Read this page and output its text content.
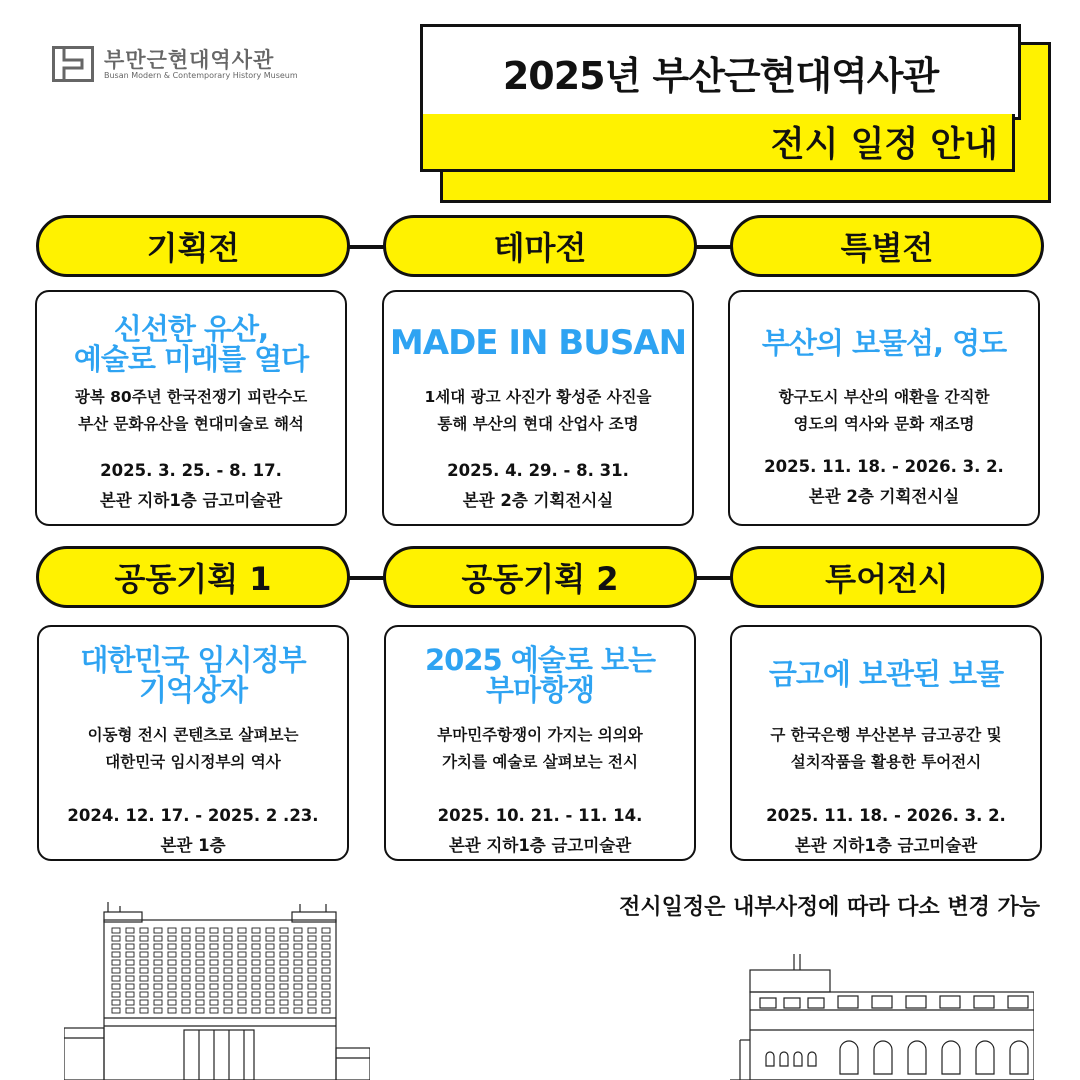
부만근현대역사관
Busan Modern & Contemporary History Museum	2025년 부산근현대역사관
전시 일정 안내
기획전	테마전	특별전
신선한 유산,
예술로 미래를 열다
광복 80주년 한국전쟁기 피란수도
부산 문화유산을 현대미술로 해석
2025. 3. 25. - 8. 17.
본관 지하1층 금고미술관
MADE IN BUSAN
1세대 광고 사진가 황성준 사진을
통해 부산의 현대 산업사 조명
2025. 4. 29. - 8. 31.
본관 2층 기획전시실
부산의 보물섬, 영도
항구도시 부산의 애환을 간직한
영도의 역사와 문화 재조명
2025. 11. 18. - 2026. 3. 2.
본관 2층 기획전시실
공동기획 1	공동기획 2	투어전시
대한민국 임시정부
기억상자
이동형 전시 콘텐츠로 살펴보는
대한민국 임시정부의 역사
2024. 12. 17. - 2025. 2 .23.
본관 1층
2025 예술로 보는
부마항쟁
부마민주항쟁이 가지는 의의와
가치를 예술로 살펴보는 전시
2025. 10. 21. - 11. 14.
본관 지하1층 금고미술관
금고에 보관된 보물
구 한국은행 부산본부 금고공간 및
설치작품을 활용한 투어전시
2025. 11. 18. - 2026. 3. 2.
본관 지하1층 금고미술관
전시일정은 내부사정에 따라 다소 변경 가능
